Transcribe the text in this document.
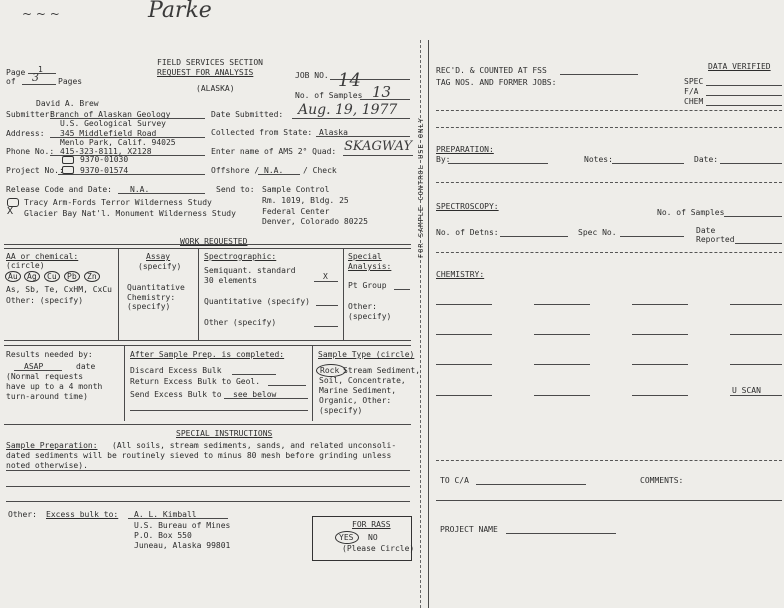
~ ~ ~	Parke
Page 1
of 3 Pages
FIELD SERVICES SECTION
REQUEST FOR ANALYSIS
(ALASKA)
JOB NO. 14
No. of Samples 13
David A. Brew
Submitter:
Branch of Alaskan Geology	Date Submitted: Aug. 19, 1977
U.S. Geological Survey
Address: 345 Middlefield Road	Collected from State: Alaska
Menlo Park, Calif. 94025
Phone No.: 415-323-8111, X2128	Enter name of AMS 2° Quad: SKAGWAY
9370-01030
Project No.: 9370-01574	Offshore / N.A. / Check
Release Code and Date: N.A.	Send to: Sample Control
Rm. 1019, Bldg. 25
Federal Center
Denver, Colorado 80225
Tracy Arm-Fords Terror Wilderness Study
X Glacier Bay Nat'l. Monument Wilderness Study
WORK REQUESTED
AA or chemical:
(circle)
Au Ag Cu Pb Zn
As, Sb, Te, CxHM, CxCu
Other: (specify)
Assay
(specify)
Quantitative
Chemistry:
(specify)
Spectrographic:
Semiquant. standard
30 elements	X
Quantitative (specify)
Other (specify)
Special
Analysis:
Pt Group
Other:
(specify)
Results needed by:
ASAP	date
(Normal requests
have up to a 4 month
turn-around time)
After Sample Prep. is completed:
Discard Excess Bulk
Return Excess Bulk to Geol.
Send Excess Bulk to see below
Sample Type (circle)
Rock Stream Sediment,
Soil, Concentrate,
Marine Sediment,
Organic, Other:
(specify)
SPECIAL INSTRUCTIONS
Sample Preparation: (All soils, stream sediments, sands, and related unconsoli-
dated sediments will be routinely sieved to minus 80 mesh before grinding unless
noted otherwise).
Other: Excess bulk to: A. L. Kimball
U.S. Bureau of Mines
P.O. Box 550
Juneau, Alaska 99801
FOR RASS
YES NO
(Please Circle)
FOR SAMPLE CONTROL USE ONLY
REC'D. & COUNTED AT FSS
TAG NOS. AND FORMER JOBS:
DATA VERIFIED
SPEC
F/A
CHEM
PREPARATION:
By:	Notes:	Date:
SPECTROSCOPY:
No. of Samples
No. of Detns:	Spec No.	Date
Reported
CHEMISTRY:
U SCAN
TO C/A	COMMENTS:
PROJECT NAME
